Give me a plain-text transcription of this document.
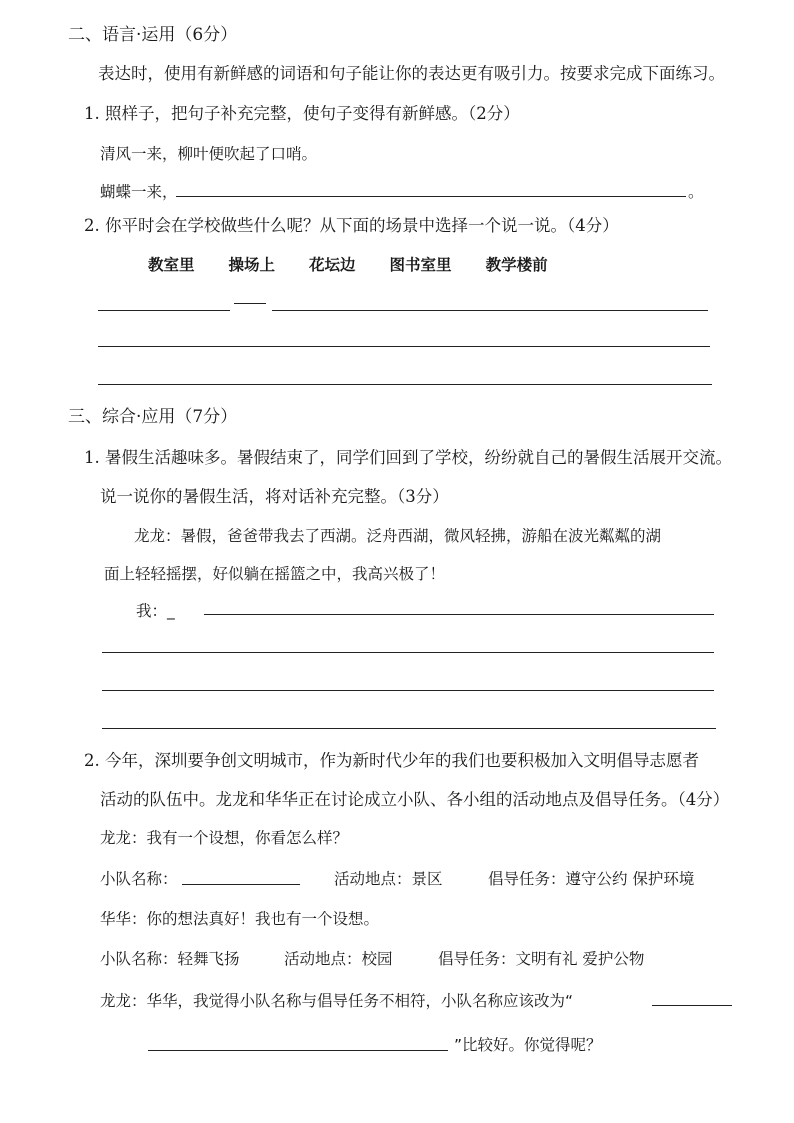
二、语言·运用（6分）
表达时，使用有新鲜感的词语和句子能让你的表达更有吸引力。按要求完成下面练习。
1. 照样子，把句子补充完整，使句子变得有新鲜感。（2分）
清风一来，柳叶便吹起了口哨。
蝴蝶一来，	。
2. 你平时会在学校做些什么呢？从下面的场景中选择一个说一说。（4分）
教室里 操场上 花坛边 图书室里 教学楼前
三、综合·应用（7分）
1. 暑假生活趣味多。暑假结束了，同学们回到了学校，纷纷就自己的暑假生活展开交流。
说一说你的暑假生活，将对话补充完整。（3分）
龙龙：暑假，爸爸带我去了西湖。泛舟西湖，微风轻拂，游船在波光粼粼的湖
面上轻轻摇摆，好似躺在摇篮之中，我高兴极了！
我：_
2. 今年，深圳要争创文明城市，作为新时代少年的我们也要积极加入文明倡导志愿者
活动的队伍中。龙龙和华华正在讨论成立小队、各小组的活动地点及倡导任务。（4分）
龙龙：我有一个设想，你看怎么样？
小队名称：	活动地点：景区	倡导任务：遵守公约 保护环境
华华：你的想法真好！我也有一个设想。
小队名称：轻舞飞扬	活动地点：校园	倡导任务：文明有礼 爱护公物
龙龙：华华，我觉得小队名称与倡导任务不相符，小队名称应该改为“
”比较好。你觉得呢？
